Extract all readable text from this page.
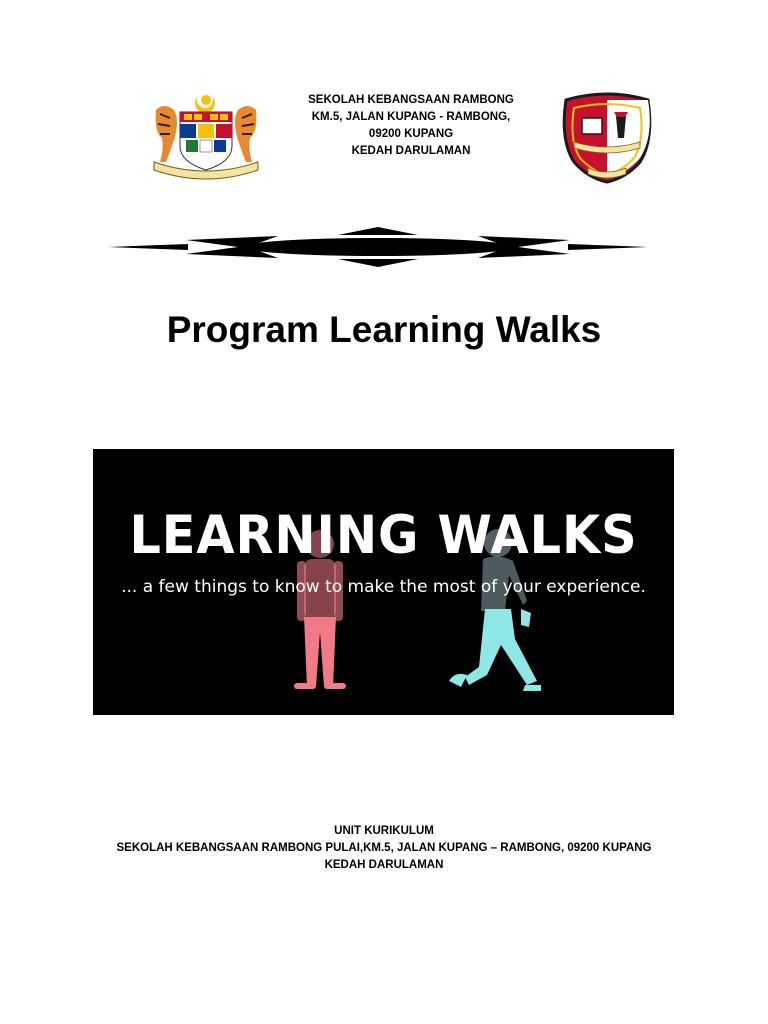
SEKOLAH KEBANGSAAN RAMBONG
KM.5, JALAN KUPANG - RAMBONG,
09200 KUPANG
KEDAH DARULAMAN
Program Learning Walks
LEARNING WALKS
... a few things to know to make the most of your experience.
UNIT KURIKULUM
SEKOLAH KEBANGSAAN RAMBONG PULAI,KM.5, JALAN KUPANG – RAMBONG, 09200 KUPANG
KEDAH DARULAMAN
